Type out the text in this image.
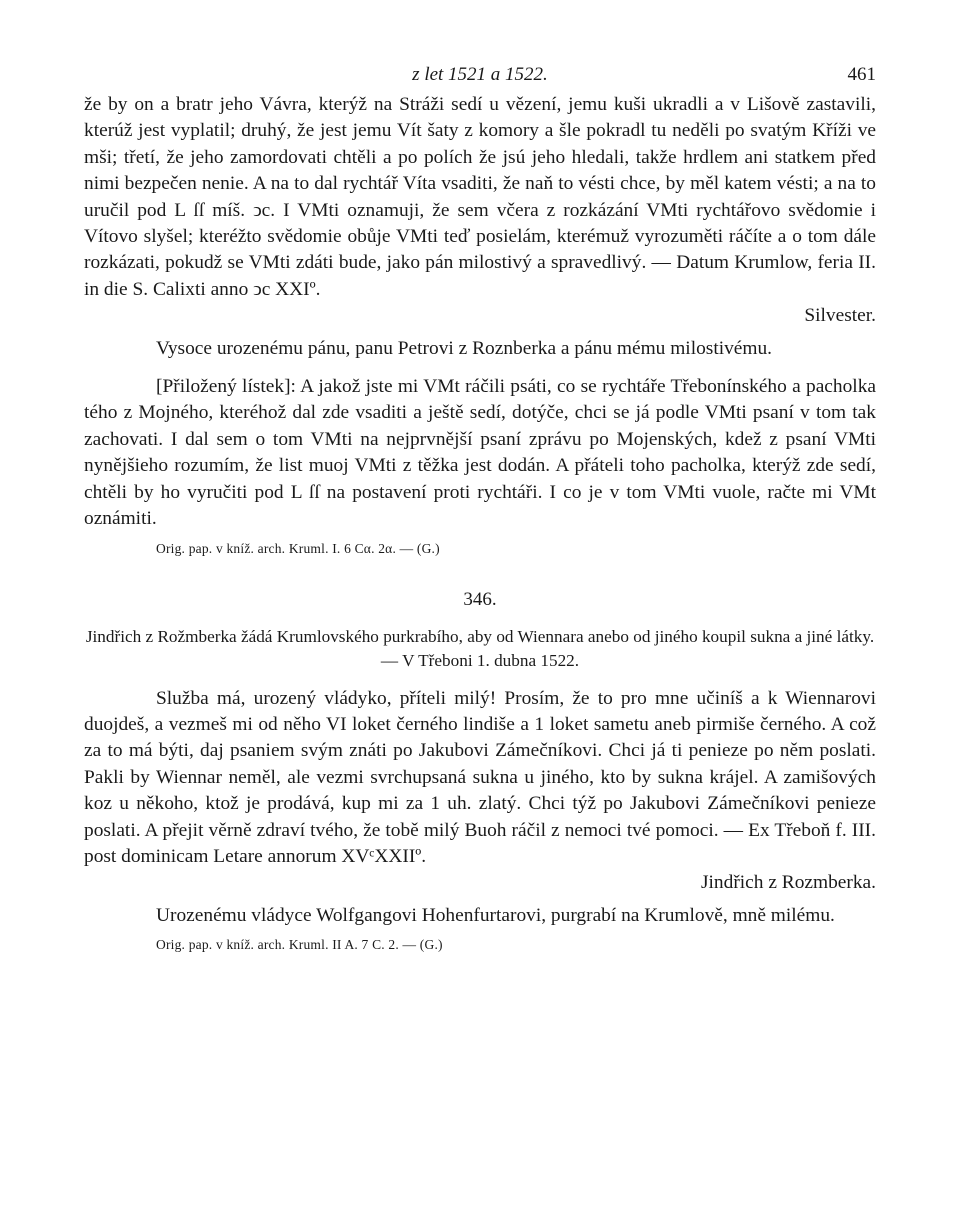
z let 1521 a 1522.	461

že by on a bratr jeho Vávra, kterýž na Stráži sedí u vězení, jemu kuši ukradli a v Lišově zastavili, kterúž jest vyplatil; druhý, že jest jemu Vít šaty z komory a šle pokradl tu neděli po svatým Kříži ve mši; třetí, že jeho zamordovati chtěli a po polích že jsú jeho hledali, takže hrdlem ani statkem před nimi bezpečen nenie. A na to dal rychtář Víta vsaditi, že naň to vésti chce, by měl katem vésti; a na to uručil pod L ſſ míš. ͻc. I VMti oznamuji, že sem včera z rozkázání VMti rychtářovo svědomie i Vítovo slyšel; kteréžto svědomie obůje VMti teď posielám, kterémuž vyrozuměti ráčíte a o tom dále rozkázati, pokudž se VMti zdáti bude, jako pán milostivý a spravedlivý. — Datum Krumlow, feria II. in die S. Calixti anno ͻc XXIº.

Silvester.

Vysoce urozenému pánu, panu Petrovi z Roznberka a pánu mému milostivému.

[Přiložený lístek]: A jakož jste mi VMt ráčili psáti, co se rychtáře Třebonínského a pacholka tého z Mojného, kteréhož dal zde vsaditi a ještě sedí, dotýče, chci se já podle VMti psaní v tom tak zachovati. I dal sem o tom VMti na nejprvnější psaní zprávu po Mojenských, kdež z psaní VMti nynějšieho rozumím, že list muoj VMti z těžka jest dodán. A přáteli toho pacholka, kterýž zde sedí, chtěli by ho vyručiti pod L ſſ na postavení proti rychtáři. I co je v tom VMti vuole, račte mi VMt oznámiti.

Orig. pap. v kníž. arch. Kruml. I. 6 Cα. 2α. — (G.)

346.

Jindřich z Rožmberka žádá Krumlovského purkrabího, aby od Wiennara anebo od jiného koupil sukna a jiné látky. — V Třeboni 1. dubna 1522.

Služba má, urozený vládyko, příteli milý! Prosím, že to pro mne učiníš a k Wiennarovi duojdeš, a vezmeš mi od něho VI loket černého lindiše a 1 loket sametu aneb pirmiše černého. A což za to má býti, daj psaniem svým znáti po Jakubovi Zámečníkovi. Chci já ti penieze po něm poslati. Pakli by Wiennar neměl, ale vezmi svrchupsaná sukna u jiného, kto by sukna krájel. A zamišových koz u někoho, ktož je prodává, kup mi za 1 uh. zlatý. Chci týž po Jakubovi Zámečníkovi penieze poslati. A přejit věrně zdraví tvého, že tobě milý Buoh ráčil z nemoci tvé pomoci. — Ex Třeboň f. III. post dominicam Letare annorum XVᶜXXIIº.

Jindřich z Rozmberka.

Urozenému vládyce Wolfgangovi Hohenfurtarovi, purgrabí na Krumlově, mně milému.

Orig. pap. v kníž. arch. Kruml. II A. 7 C. 2. — (G.)
